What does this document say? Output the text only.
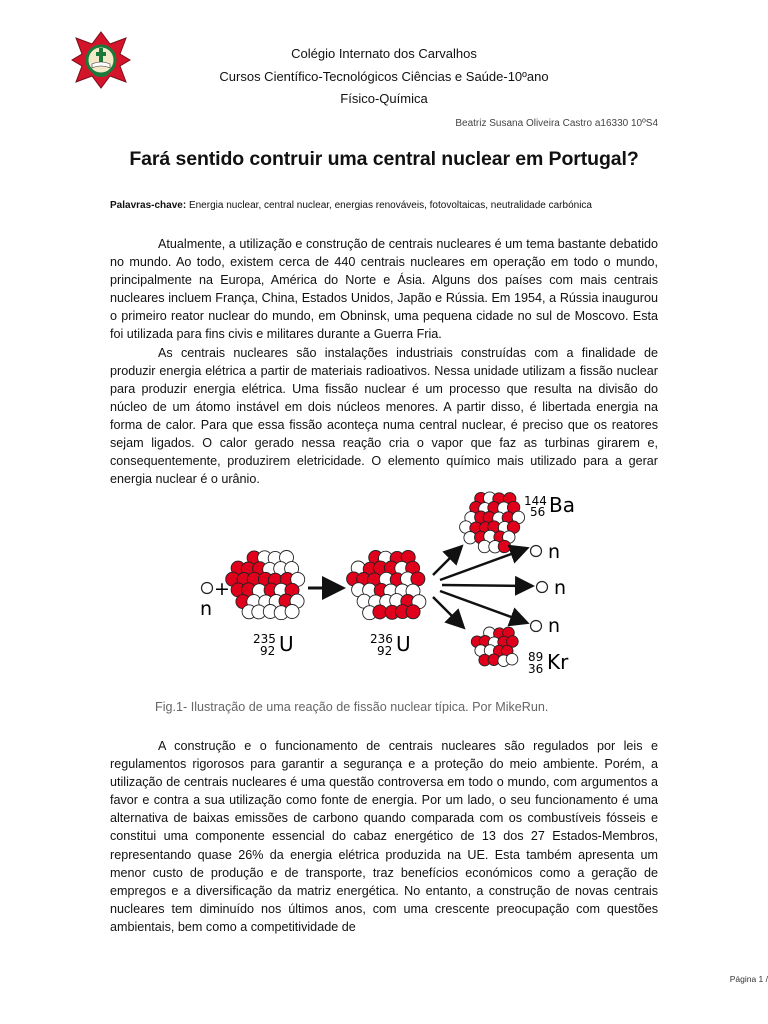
Colégio Internato dos Carvalhos
Cursos Científico-Tecnológicos Ciências e Saúde-10ºano
Físico-Química
Beatriz Susana Oliveira Castro a16330 10ºS4
Fará sentido contruir uma central nuclear em Portugal?
Palavras-chave: Energia nuclear, central nuclear, energias renováveis, fotovoltaicas, neutralidade carbónica

Atualmente, a utilização e construção de centrais nucleares é um tema bastante debatido no mundo. Ao todo, existem cerca de 440 centrais nucleares em operação em todo o mundo, principalmente na Europa, América do Norte e Ásia. Alguns dos países com mais centrais nucleares incluem França, China, Estados Unidos, Japão e Rússia. Em 1954, a Rússia inaugurou o primeiro reator nuclear do mundo, em Obninsk, uma pequena cidade no sul de Moscovo. Esta foi utilizada para fins civis e militares durante a Guerra Fria.

As centrais nucleares são instalações industriais construídas com a finalidade de produzir energia elétrica a partir de materiais radioativos. Nessa unidade utilizam a fissão nuclear para produzir energia elétrica. Uma fissão nuclear é um processo que resulta na divisão do núcleo de um átomo instável em dois núcleos menores. A partir disso, é libertada energia na forma de calor. Para que essa fissão aconteça numa central nuclear, é preciso que os reatores sejam ligados. O calor gerado nessa reação cria o vapor que faz as turbinas girarem e, consequentemente, produzirem eletricidade. O elemento químico mais utilizado para a gerar energia nuclear é o urânio.

+
n
235
92 U	236
92 U
n
n
n
144
56 Ba
89
36 Kr
Fig.1- Ilustração de uma reação de fissão nuclear típica. Por MikeRun.

A construção e o funcionamento de centrais nucleares são regulados por leis e regulamentos rigorosos para garantir a segurança e a proteção do meio ambiente. Porém, a utilização de centrais nucleares é uma questão controversa em todo o mundo, com argumentos a favor e contra a sua utilização como fonte de energia. Por um lado, o seu funcionamento é uma alternativa de baixas emissões de carbono quando comparada com os combustíveis fósseis e constitui uma componente essencial do cabaz energético de 13 dos 27 Estados-Membros, representando quase 26% da energia elétrica produzida na UE. Esta também apresenta um menor custo de produção e de transporte, traz benefícios económicos como a geração de empregos e a diversificação da matriz energética. No entanto, a construção de novas centrais nucleares tem diminuído nos últimos anos, com uma crescente preocupação com questões ambientais, bem como a competitividade de

Página 1 /
